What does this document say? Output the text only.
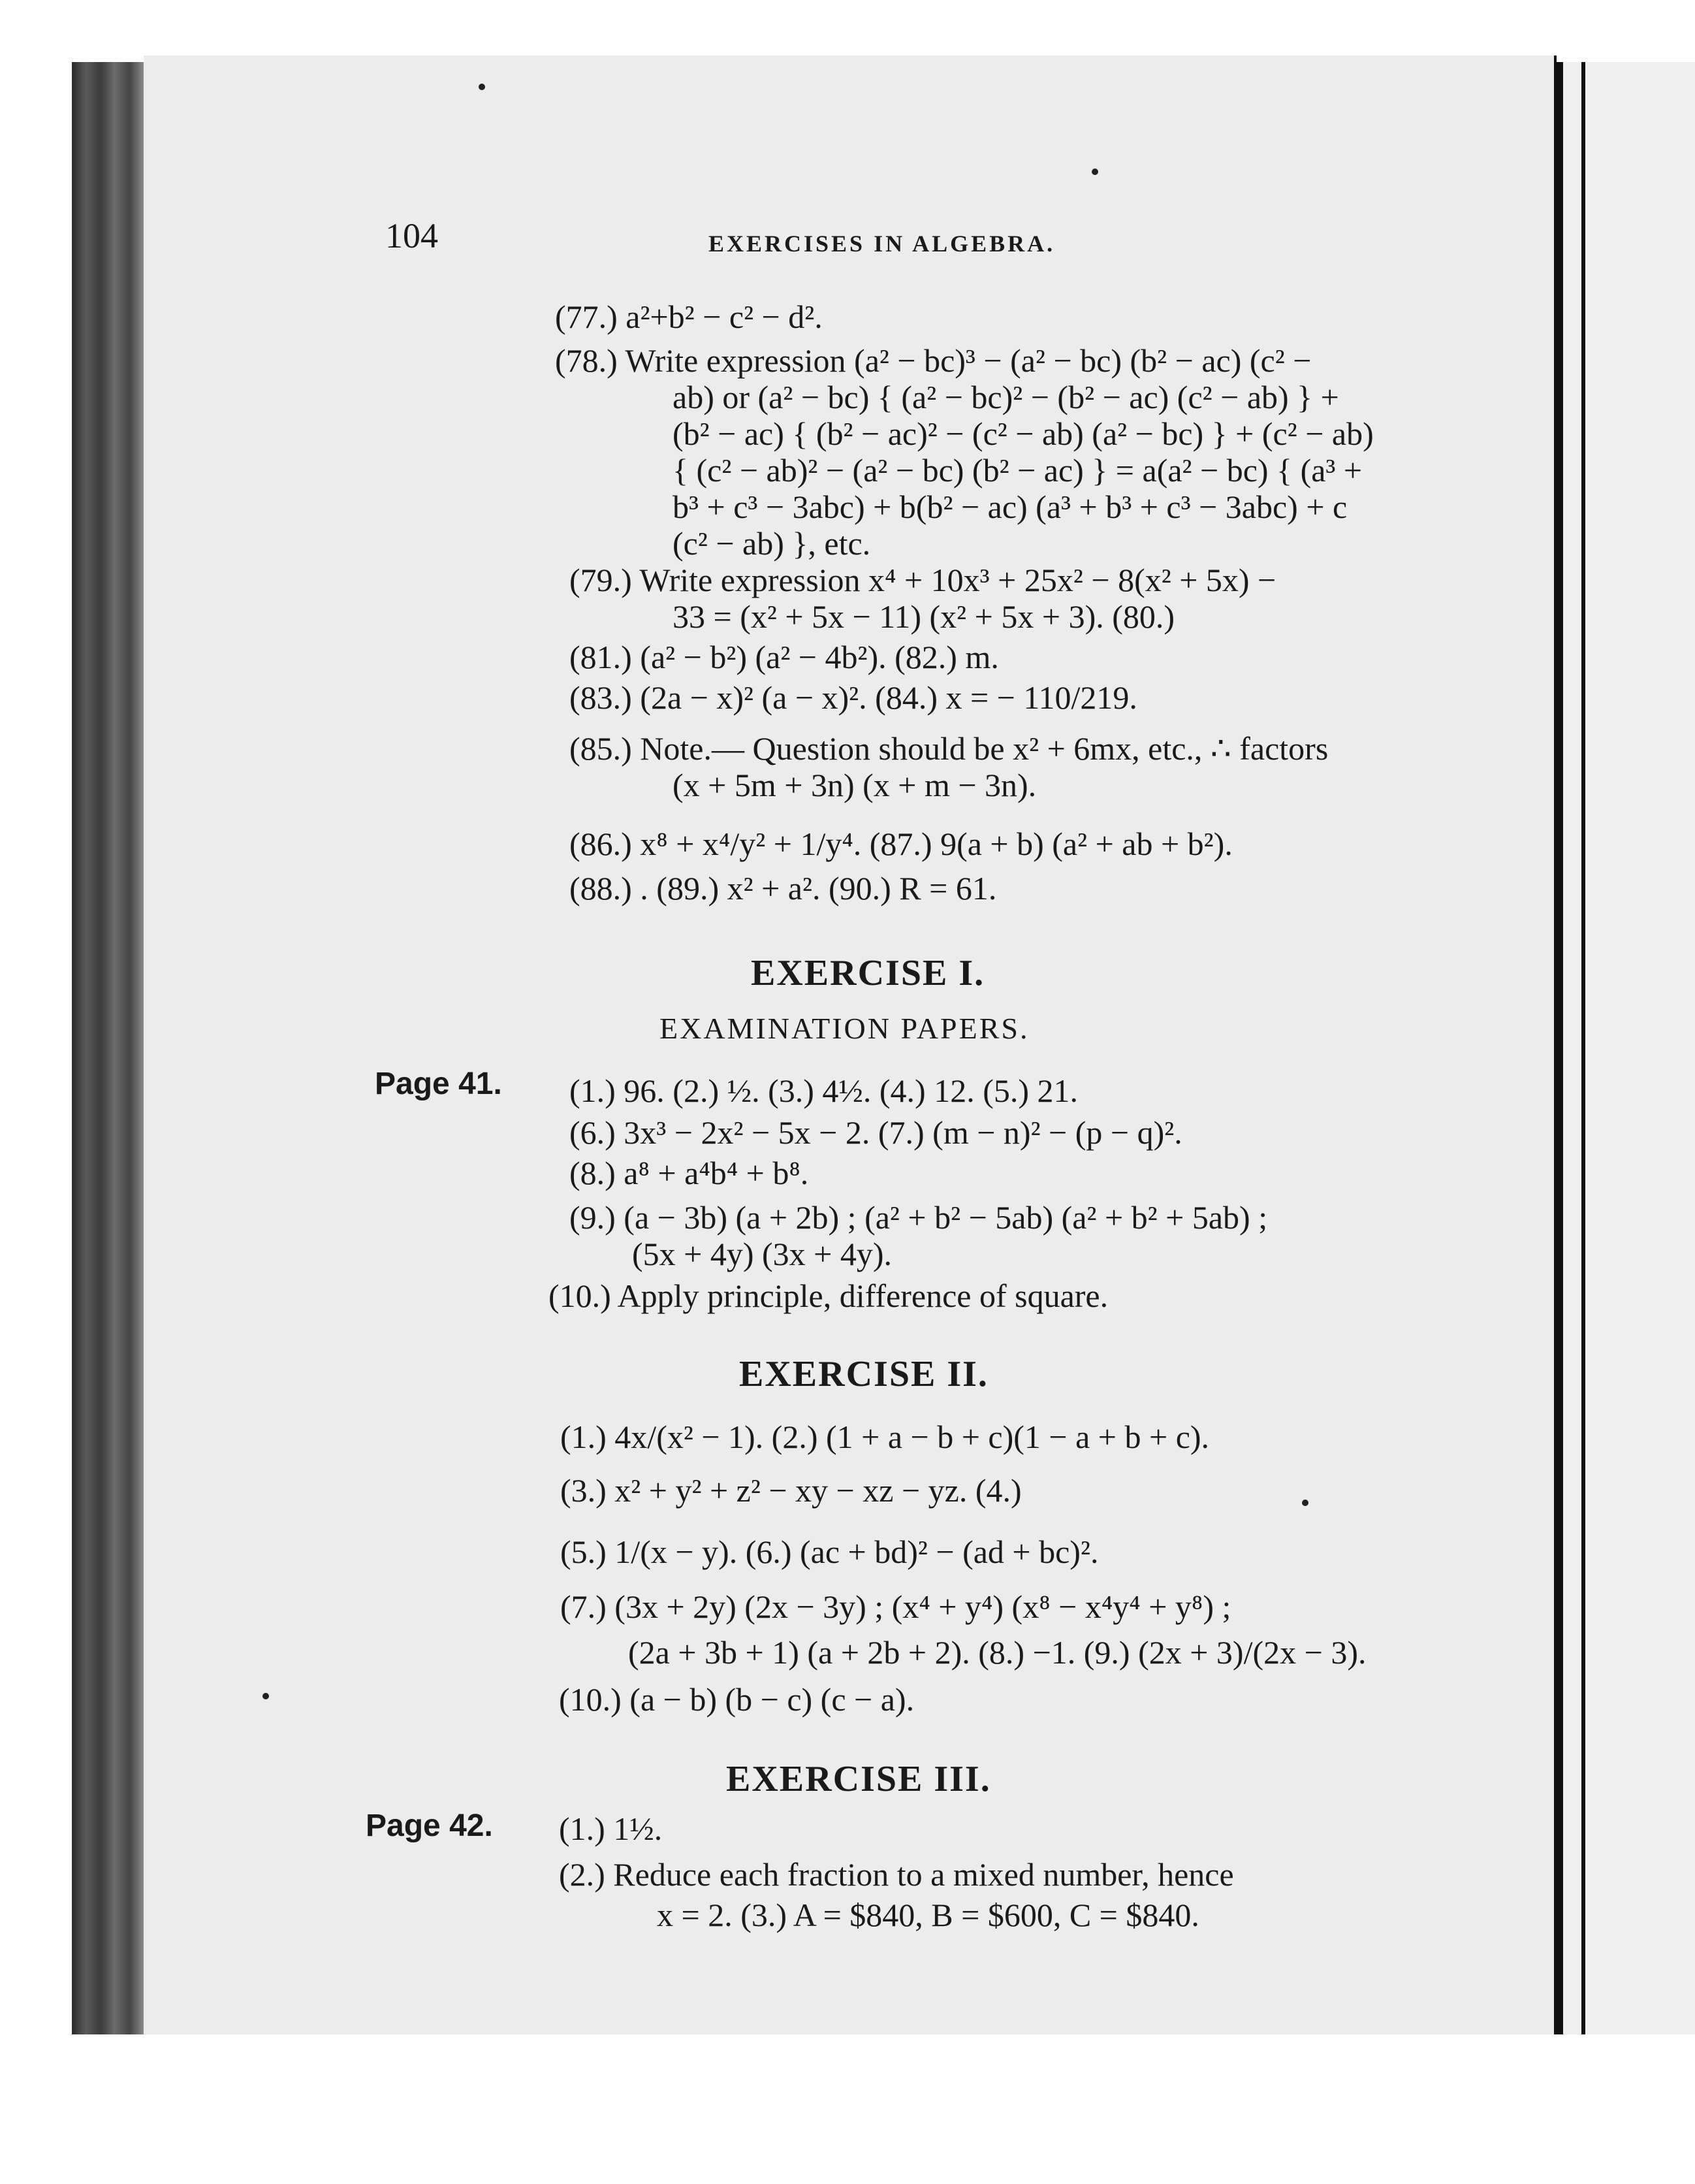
104	EXERCISES IN ALGEBRA.
(77.) a²+b² − c² − d².
(78.) Write expression (a² − bc)³ − (a² − bc) (b² − ac) (c² −
ab) or (a² − bc) { (a² − bc)² − (b² − ac) (c² − ab) } +
(b² − ac) { (b² − ac)² − (c² − ab) (a² − bc) } + (c² − ab)
{ (c² − ab)² − (a² − bc) (b² − ac) } = a(a² − bc) { (a³ +
b³ + c³ − 3abc) + b(b² − ac) (a³ + b³ + c³ − 3abc) + c
(c² − ab) }, etc.
(79.) Write expression x⁴ + 10x³ + 25x² − 8(x² + 5x) −
33 = (x² + 5x − 11) (x² + 5x + 3). (80.)
(81.) (a² − b²) (a² − 4b²). (82.) m.
(83.) (2a − x)² (a − x)². (84.) x = − 110/219.
(85.) Note.— Question should be x² + 6mx, etc., ∴ factors
(x + 5m + 3n) (x + m − 3n).
(86.) x⁸ + x⁴/y² + 1/y⁴. (87.) 9(a + b) (a² + ab + b²).
(88.) . (89.) x² + a². (90.) R = 61.
EXERCISE I.
EXAMINATION PAPERS.
Page 41. (1.) 96. (2.) ½. (3.) 4½. (4.) 12. (5.) 21.
(6.) 3x³ − 2x² − 5x − 2. (7.) (m − n)² − (p − q)².
(8.) a⁸ + a⁴b⁴ + b⁸.
(9.) (a − 3b) (a + 2b) ; (a² + b² − 5ab) (a² + b² + 5ab) ;
(5x + 4y) (3x + 4y).
(10.) Apply principle, difference of square.
EXERCISE II.
(1.) 4x/(x² − 1). (2.) (1 + a − b + c)(1 − a + b + c).
(3.) x² + y² + z² − xy − xz − yz. (4.)
(5.) 1/(x − y). (6.) (ac + bd)² − (ad + bc)².
(7.) (3x + 2y) (2x − 3y) ; (x⁴ + y⁴) (x⁸ − x⁴y⁴ + y⁸) ;
(2a + 3b + 1) (a + 2b + 2). (8.) −1. (9.) (2x + 3)/(2x − 3).
(10.) (a − b) (b − c) (c − a).
EXERCISE III.
Page 42. (1.) 1½.
(2.) Reduce each fraction to a mixed number, hence
x = 2. (3.) A = $840, B = $600, C = $840.
